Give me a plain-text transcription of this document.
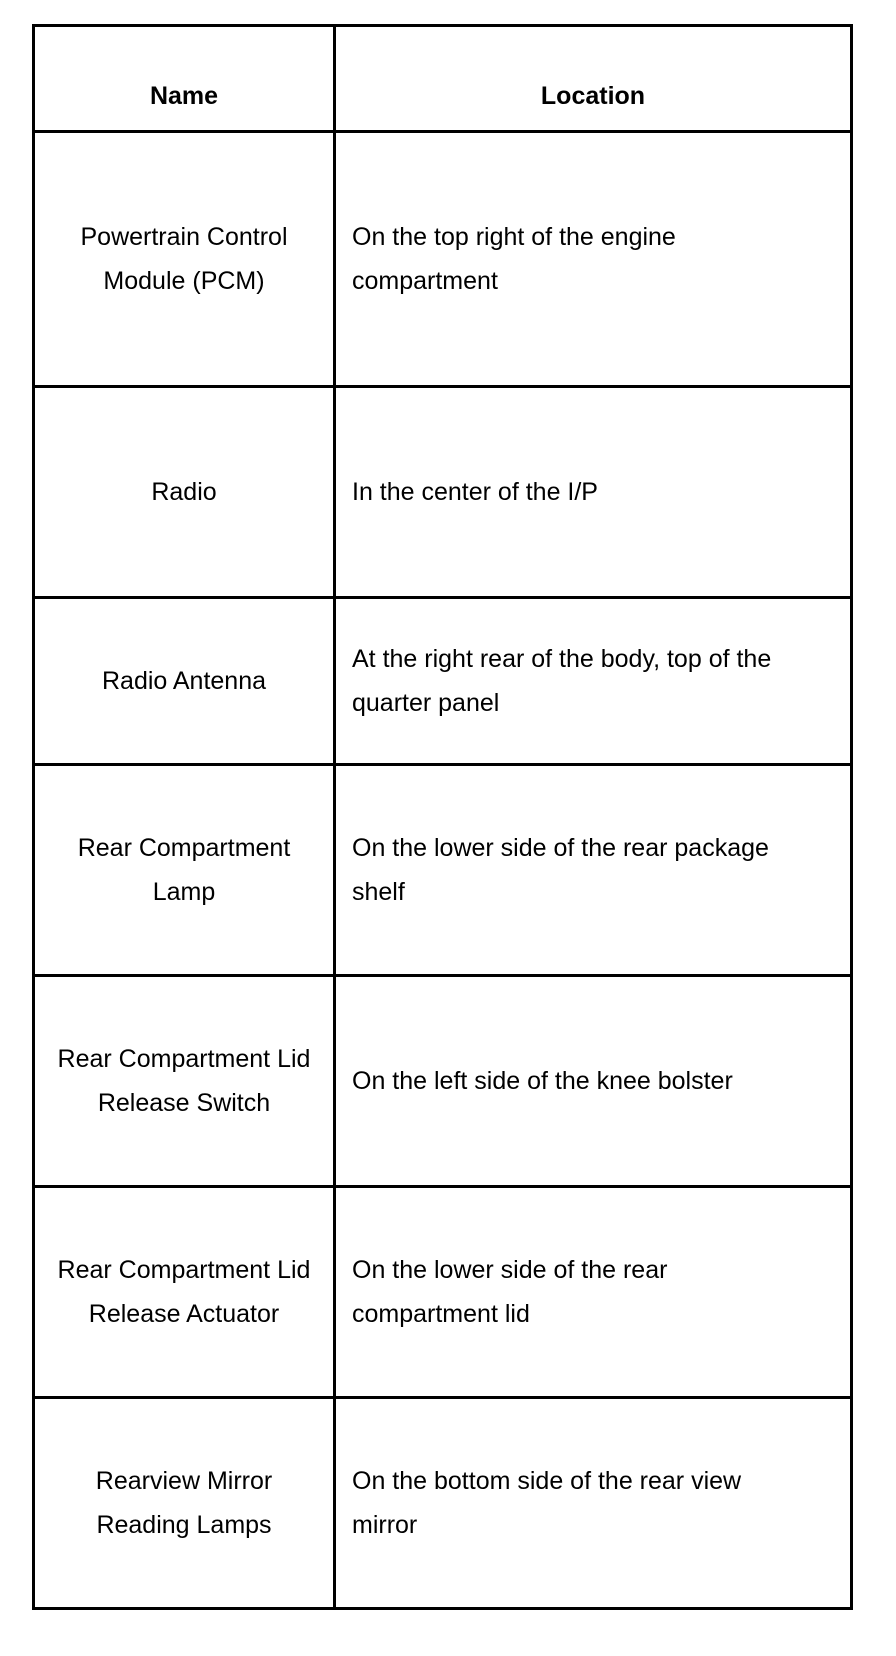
Name	Location

Powertrain Control Module (PCM)	On the top right of the engine compartment

Radio	In the center of the I/P

Radio Antenna	At the right rear of the body, top of the quarter panel

Rear Compartment Lamp	On the lower side of the rear package shelf

Rear Compartment Lid Release Switch	On the left side of the knee bolster

Rear Compartment Lid Release Actuator	On the lower side of the rear compartment lid

Rearview Mirror Reading Lamps	On the bottom side of the rear view mirror
